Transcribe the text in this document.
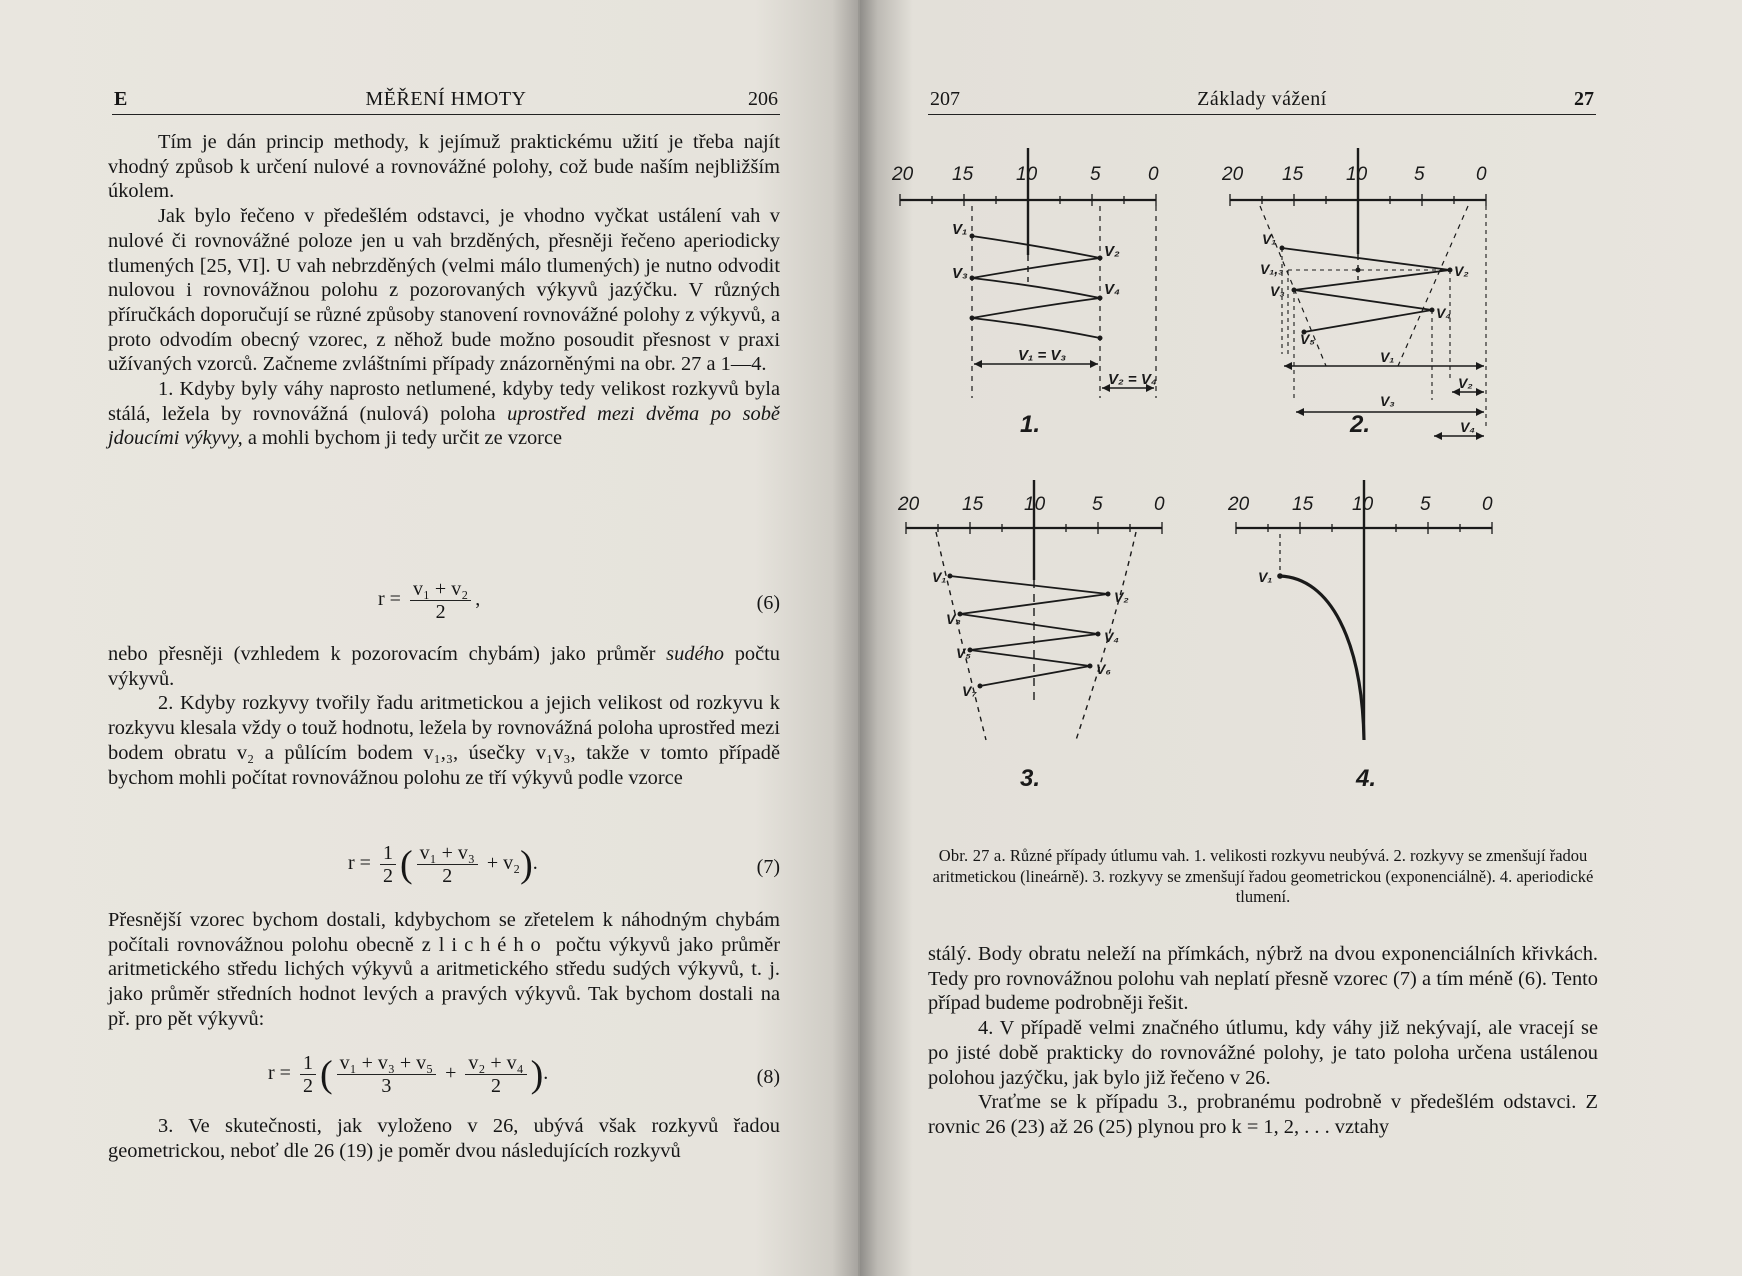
E	MĚŘENÍ HMOTY	206

Tím je dán princip methody, k jejímuž praktickému užití je třeba najít vhodný způsob k určení nulové a rovnovážné polohy, což bude naším nejbližším úkolem.

Jak bylo řečeno v předešlém odstavci, je vhodno vyčkat ustálení vah v nulové či rovnovážné poloze jen u vah brzděných, přesněji řečeno aperiodicky tlumených [25, VI]. U vah nebrzděných (velmi málo tlumených) je nutno odvodit nulovou i rovnovážnou polohu z pozorovaných výkyvů jazýčku. V různých příručkách doporučují se různé způsoby stanovení rovnovážné polohy z výkyvů, a proto odvodím obecný vzorec, z něhož bude možno posoudit přesnost v praxi užívaných vzorců. Začneme zvláštními případy znázorněnými na obr. 27 a 1—4.

1. Kdyby byly váhy naprosto netlumené, kdyby tedy velikost rozkyvů byla stálá, ležela by rovnovážná (nulová) poloha uprostřed mezi dvěma po sobě jdoucími výkyvy, a mohli bychom ji tedy určit ze vzorce

$r = \frac{\text{v₁ + v₂}}{2}$ ,	(6)

nebo přesněji (vzhledem k pozorovacím chybám) jako průměr sudého počtu výkyvů.

2. Kdyby rozkyvy tvořily řadu aritmetickou a jejich velikost od rozkyvu k rozkyvu klesala vždy o touž hodnotu, ležela by rovnovážná poloha uprostřed mezi bodem obratu v₂ a půlícím bodem v₁,₃, úsečky v₁v₃, takže v tomto případě bychom mohli počítat rovnovážnou polohu ze tří výkyvů podle vzorce

$r = \frac{1}{2}$ ( $\frac{\text{v₁ + v₃}}{2} + v_2$).	(7)

Přesnější vzorec bychom dostali, kdybychom se zřetelem k náhodným chybám počítali rovnovážnou polohu obecně z lichého počtu výkyvů jako průměr aritmetického středu lichých výkyvů a aritmetického středu sudých výkyvů, t. j. jako průměr středních hodnot levých a pravých výkyvů. Tak bychom dostali na př. pro pět výkyvů:

$r = \frac{1}{2}$ ( $\frac{\text{v₁ + v₃ + v₅}}{3} + \frac{\text{v₂ + v₄}}{2}$ ).	(8)

3. Ve skutečnosti, jak vyloženo v 26, ubývá však rozkyvů řadou geometrickou, neboť dle 26 (19) je poměr dvou následujících rozkyvů

207	Základy vážení	27
20 15 10	5 0
V₁
V₂
V₃
V₄
V₁ = V₃
V₂ = V₄
1.
20 15 10 5	0
V₁
V₁,₃	V₂
V₃
V₄
V₅
V₁
V₂
V₃
V₄
2.
20 15 10 5	0
V₁
V₂
V₃
V₄
V₅
V₆
V₇
3.
20 15 10 5	0
V₁
4.
Obr. 27 a. Různé případy útlumu vah. 1. velikosti rozkyvu neubývá. 2. rozkyvy se zmenšují řadou aritmetickou (lineárně). 3. rozkyvy se zmenšují řadou geometrickou (exponenciálně). 4. aperiodické tlumení.

stálý. Body obratu neleží na přímkách, nýbrž na dvou exponenciálních křivkách. Tedy pro rovnovážnou polohu vah neplatí přesně vzorec (7) a tím méně (6). Tento případ budeme podrobněji řešit.

4. V případě velmi značného útlumu, kdy váhy již nekývají, ale vracejí se po jisté době prakticky do rovnovážné polohy, je tato poloha určena ustálenou polohou jazýčku, jak bylo již řečeno v 26.

Vraťme se k případu 3., probranému podrobně v předešlém odstavci. Z rovnic 26 (23) až 26 (25) plynou pro k = 1, 2, . . . vztahy
